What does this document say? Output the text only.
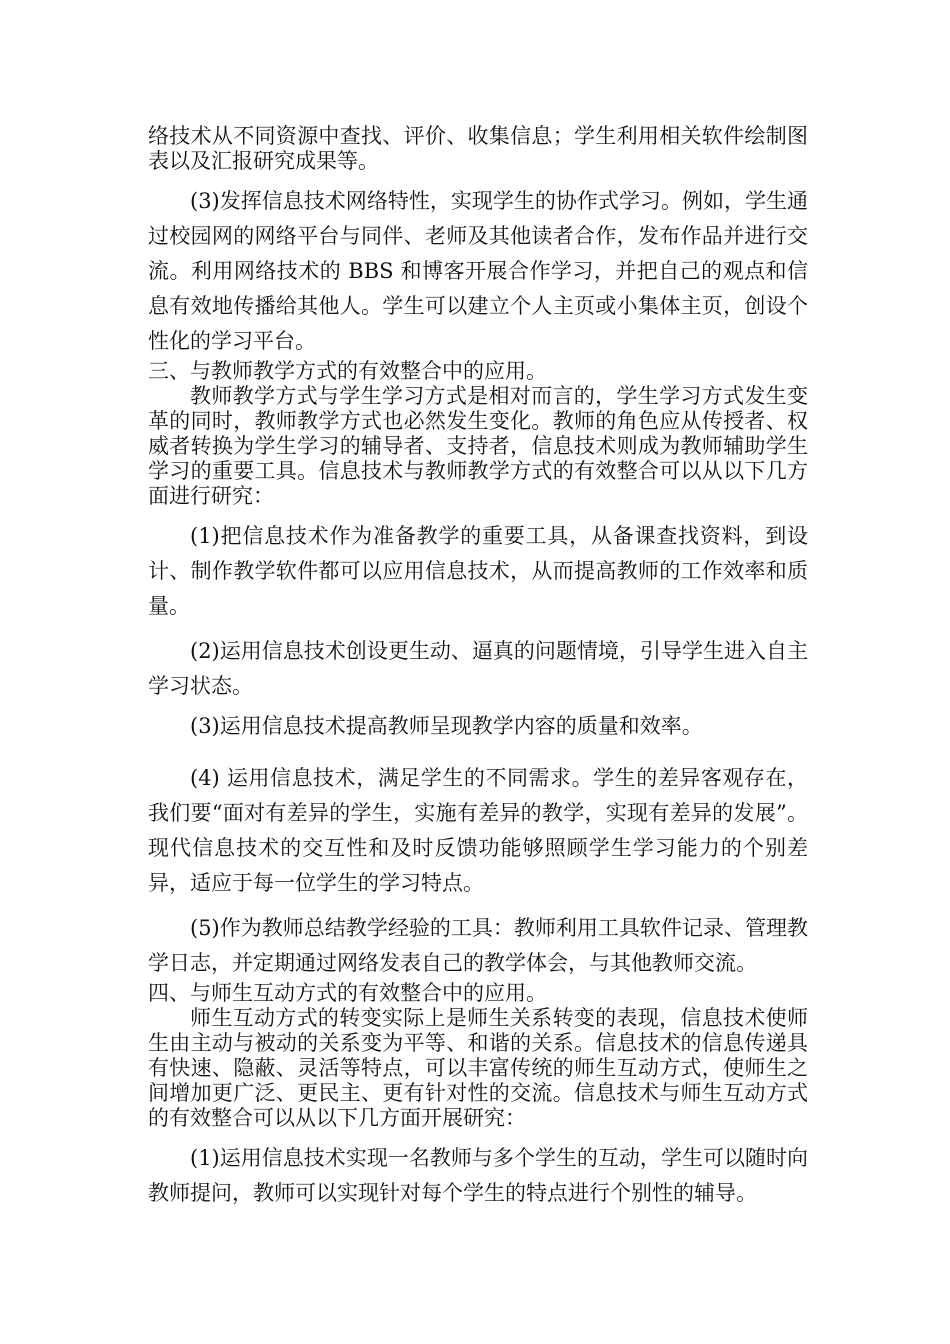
络技术从不同资源中查找、评价、收集信息；学生利用相关软件绘制图表以及汇报研究成果等。

(3)发挥信息技术网络特性，实现学生的协作式学习。例如，学生通过校园网的网络平台与同伴、老师及其他读者合作，发布作品并进行交流。利用网络技术的 BBS 和博客开展合作学习，并把自己的观点和信息有效地传播给其他人。学生可以建立个人主页或小集体主页，创设个性化的学习平台。

三、与教师教学方式的有效整合中的应用。

教师教学方式与学生学习方式是相对而言的，学生学习方式发生变革的同时，教师教学方式也必然发生变化。教师的角色应从传授者、权威者转换为学生学习的辅导者、支持者，信息技术则成为教师辅助学生学习的重要工具。信息技术与教师教学方式的有效整合可以从以下几方面进行研究：

(1)把信息技术作为准备教学的重要工具，从备课查找资料，到设计、制作教学软件都可以应用信息技术，从而提高教师的工作效率和质量。

(2)运用信息技术创设更生动、逼真的问题情境，引导学生进入自主学习状态。

(3)运用信息技术提高教师呈现教学内容的质量和效率。

(4) 运用信息技术，满足学生的不同需求。学生的差异客观存在，我们要“面对有差异的学生，实施有差异的教学，实现有差异的发展”。现代信息技术的交互性和及时反馈功能够照顾学生学习能力的个别差异，适应于每一位学生的学习特点。

(5)作为教师总结教学经验的工具：教师利用工具软件记录、管理教学日志，并定期通过网络发表自己的教学体会，与其他教师交流。

四、与师生互动方式的有效整合中的应用。

师生互动方式的转变实际上是师生关系转变的表现，信息技术使师生由主动与被动的关系变为平等、和谐的关系。信息技术的信息传递具有快速、隐蔽、灵活等特点，可以丰富传统的师生互动方式，使师生之间增加更广泛、更民主、更有针对性的交流。信息技术与师生互动方式的有效整合可以从以下几方面开展研究：

(1)运用信息技术实现一名教师与多个学生的互动，学生可以随时向教师提问，教师可以实现针对每个学生的特点进行个别性的辅导。
